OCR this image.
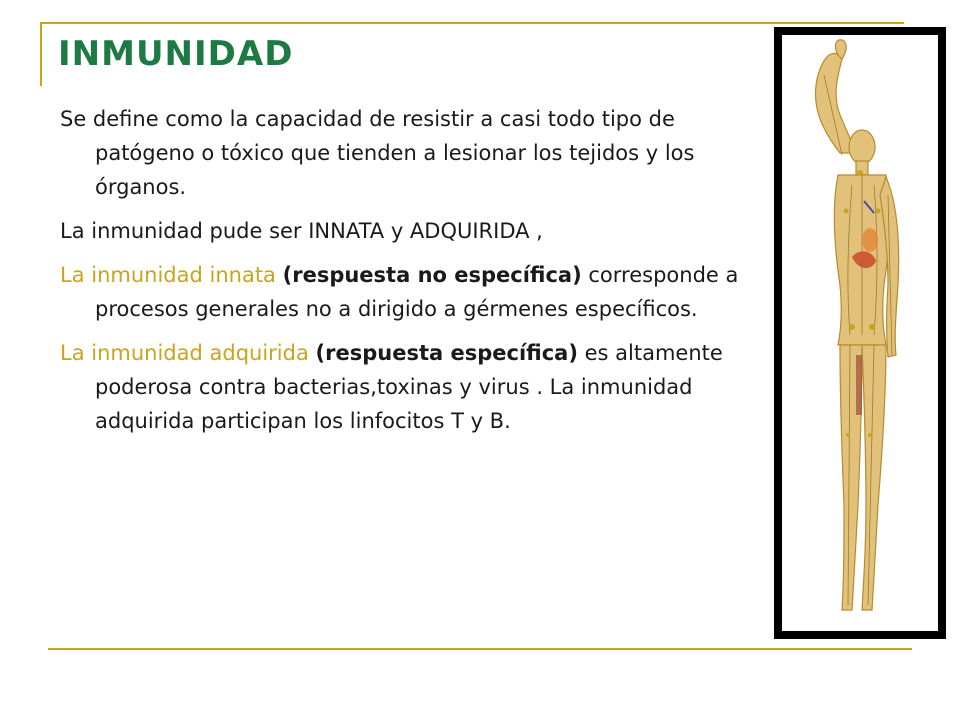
INMUNIDAD

Se define como la capacidad de resistir a casi todo tipo de patógeno o tóxico que tienden a lesionar los tejidos y los órganos.

La inmunidad pude ser INNATA y ADQUIRIDA ,

La inmunidad innata (respuesta no específica) corresponde a procesos generales no a dirigido a gérmenes específicos.

La inmunidad adquirida (respuesta específica) es altamente poderosa contra bacterias,toxinas y virus . La inmunidad adquirida participan los linfocitos T y B.
